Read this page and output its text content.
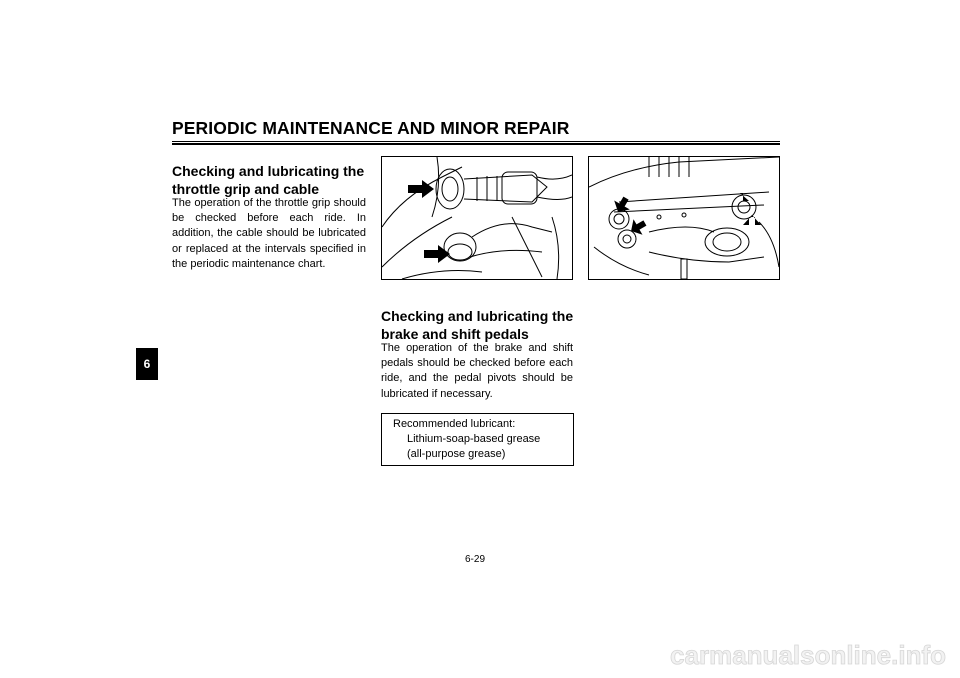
PERIODIC MAINTENANCE AND MINOR REPAIR
6
Checking and lubricating the
throttle grip and cable
The operation of the throttle grip should be checked before each ride. In addition, the cable should be lubricated or replaced at the intervals specified in the periodic maintenance chart.
Checking and lubricating the
brake and shift pedals
The operation of the brake and shift pedals should be checked before each ride, and the pedal pivots should be lubricated if necessary.
Recommended lubricant:
Lithium-soap-based grease
(all-purpose grease)
6-29
carmanualsonline.info
